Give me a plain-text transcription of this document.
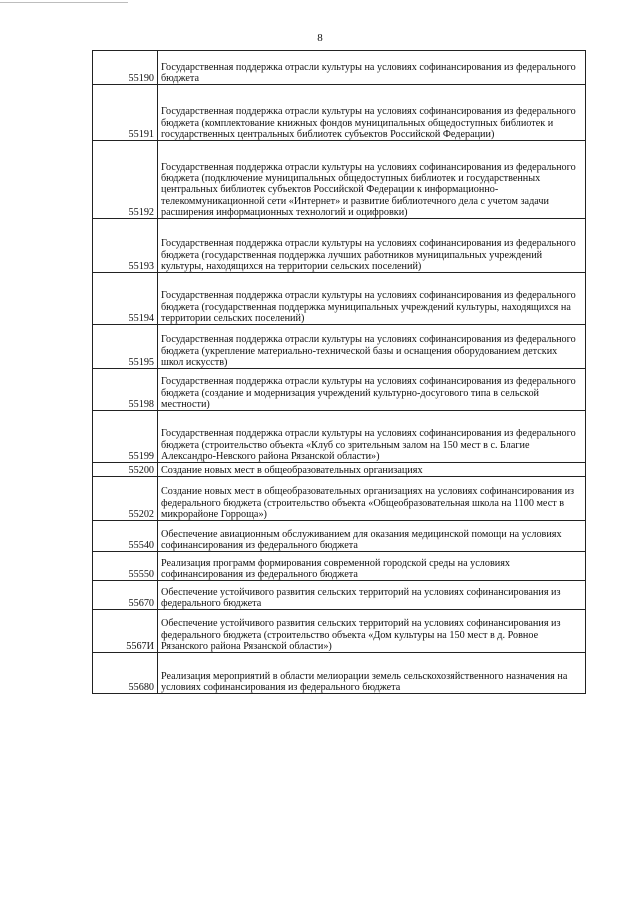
8
55190	Государственная поддержка отрасли культуры на условиях софинансирования из федерального бюджета
55191	Государственная поддержка отрасли культуры на условиях софинансирования из федерального бюджета (комплектование книжных фондов муниципальных общедоступных библиотек и государственных центральных библиотек субъектов Российской Федерации)
55192	Государственная поддержка отрасли культуры на условиях софинансирования из федерального бюджета (подключение муниципальных общедоступных библиотек и государственных центральных библиотек субъектов Российской Федерации к информационно-телекоммуникационной сети «Интернет» и развитие библиотечного дела с учетом задачи расширения информационных технологий и оцифровки)
55193	Государственная поддержка отрасли культуры на условиях софинансирования из федерального бюджета (государственная поддержка лучших работников муниципальных учреждений культуры, находящихся на территории сельских поселений)
55194	Государственная поддержка отрасли культуры на условиях софинансирования из федерального бюджета (государственная поддержка муниципальных учреждений культуры, находящихся на территории сельских поселений)
55195	Государственная поддержка отрасли культуры на условиях софинансирования из федерального бюджета (укрепление материально-технической базы и оснащения оборудованием детских школ искусств)
55198	Государственная поддержка отрасли культуры на условиях софинансирования из федерального бюджета (создание и модернизация учреждений культурно-досугового типа в сельской местности)
55199	Государственная поддержка отрасли культуры на условиях софинансирования из федерального бюджета (строительство объекта «Клуб со зрительным залом на 150 мест в с. Благие Александро-Невского района Рязанской области»)
55200	Создание новых мест в общеобразовательных организациях
55202	Создание новых мест в общеобразовательных организациях на условиях софинансирования из федерального бюджета (строительство объекта «Общеобразовательная школа на 1100 мест в микрорайоне Горроща»)
55540	Обеспечение авиационным обслуживанием для оказания медицинской помощи на условиях софинансирования из федерального бюджета
55550	Реализация программ формирования современной городской среды на условиях софинансирования из федерального бюджета
55670	Обеспечение устойчивого развития сельских территорий на условиях софинансирования из федерального бюджета
5567И	Обеспечение устойчивого развития сельских территорий на условиях софинансирования из федерального бюджета (строительство объекта «Дом культуры на 150 мест в д. Ровное Рязанского района Рязанской области»)
55680	Реализация мероприятий в области мелиорации земель сельскохозяйственного назначения на условиях софинансирования из федерального бюджета
